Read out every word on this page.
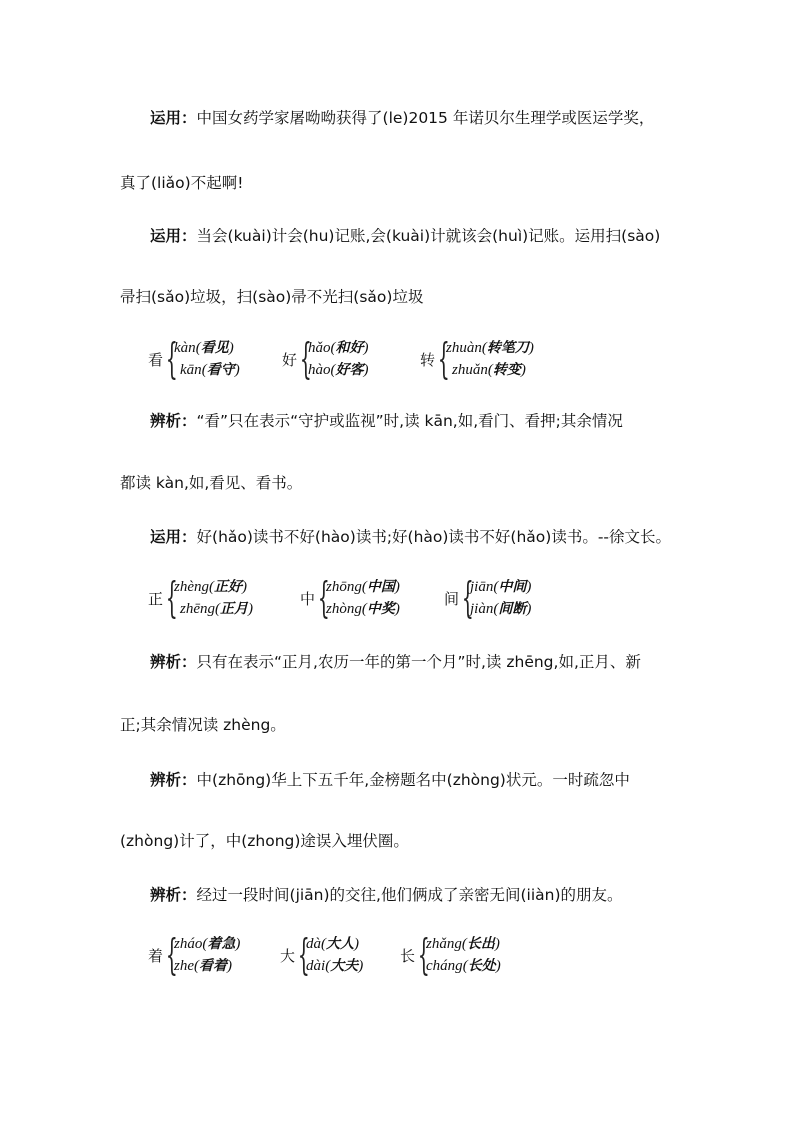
运用：中国女药学家屠呦呦获得了(le)2015 年诺贝尔生理学或医运学奖，
真了(liǎo)不起啊!
运用：当会(kuài)计会(hu)记账,会(kuài)计就该会(huì)记账。运用扫(sào)
帚扫(sǎo)垃圾，扫(sào)帚不光扫(sǎo)垃圾
看 {
kàn(看见)
kān(看守)
好 {
hǎo(和好)
hào(好客)
转 {
zhuàn(转笔刀)
zhuǎn(转变)
辨析：“看”只在表示“守护或监视”时,读 kān,如,看门、看押;其余情况
都读 kàn,如,看见、看书。
运用：好(hǎo)读书不好(hào)读书;好(hào)读书不好(hǎo)读书。--徐文长。
正 {
zhèng(正好)
zhēng(正月)
中 {
zhōng(中国)
zhòng(中奖)
间 {
jiān(中间)
jiàn(间断)
辨析：只有在表示“正月,农历一年的第一个月”时,读 zhēng,如,正月、新
正;其余情况读 zhèng。
辨析：中(zhōng)华上下五千年,金榜题名中(zhòng)状元。一时疏忽中
(zhòng)计了，中(zhong)途误入埋伏圈。
辨析：经过一段时间(jiān)的交往,他们俩成了亲密无间(iiàn)的朋友。
着 {
zháo(着急)
zhe(看着)
大 {
dà(大人)
dài(大夫)
长 {
zhǎng(长出)
cháng(长处)
